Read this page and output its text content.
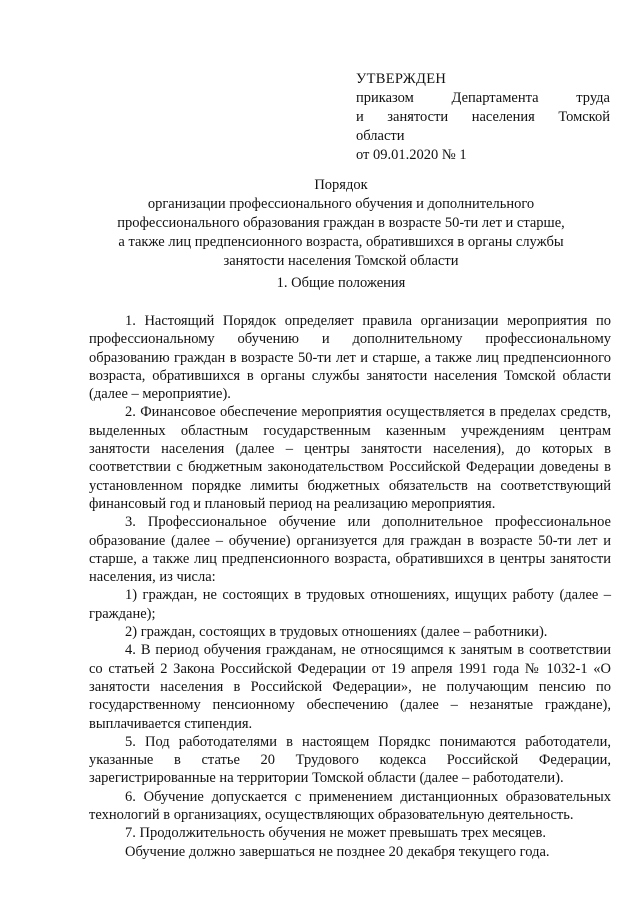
УТВЕРЖДЕН
приказом Департамента труда
и занятости населения Томской
области
от 09.01.2020 № 1
Порядок
организации профессионального обучения и дополнительного
профессионального образования граждан в возрасте 50-ти лет и старше,
а также лиц предпенсионного возраста, обратившихся в органы службы
занятости населения Томской области
1. Общие положения

1. Настоящий Порядок определяет правила организации мероприятия по профессиональному обучению и дополнительному профессиональному образованию граждан в возрасте 50-ти лет и старше, а также лиц предпенсионного возраста, обратившихся в органы службы занятости населения Томской области (далее – мероприятие).

2. Финансовое обеспечение мероприятия осуществляется в пределах средств, выделенных областным государственным казенным учреждениям центрам занятости населения (далее – центры занятости населения), до которых в соответствии с бюджетным законодательством Российской Федерации доведены в установленном порядке лимиты бюджетных обязательств на соответствующий финансовый год и плановый период на реализацию мероприятия.

3. Профессиональное обучение или дополнительное профессиональное образование (далее – обучение) организуется для граждан в возрасте 50-ти лет и старше, а также лиц предпенсионного возраста, обратившихся в центры занятости населения, из числа:

1) граждан, не состоящих в трудовых отношениях, ищущих работу (далее – граждане);

2) граждан, состоящих в трудовых отношениях (далее – работники).

4. В период обучения гражданам, не относящимся к занятым в соответствии со статьей 2 Закона Российской Федерации от 19 апреля 1991 года № 1032-1 «О занятости населения в Российской Федерации», не получающим пенсию по государственному пенсионному обеспечению (далее – незанятые граждане), выплачивается стипендия.

5. Под работодателями в настоящем Порядкс понимаются работодатели, указанные в статье 20 Трудового кодекса Российской Федерации, зарегистрированные на территории Томской области (далее – работодатели).

6. Обучение допускается с применением дистанционных образовательных технологий в организациях, осуществляющих образовательную деятельность.

7. Продолжительность обучения не может превышать трех месяцев.

Обучение должно завершаться не позднее 20 декабря текущего года.
